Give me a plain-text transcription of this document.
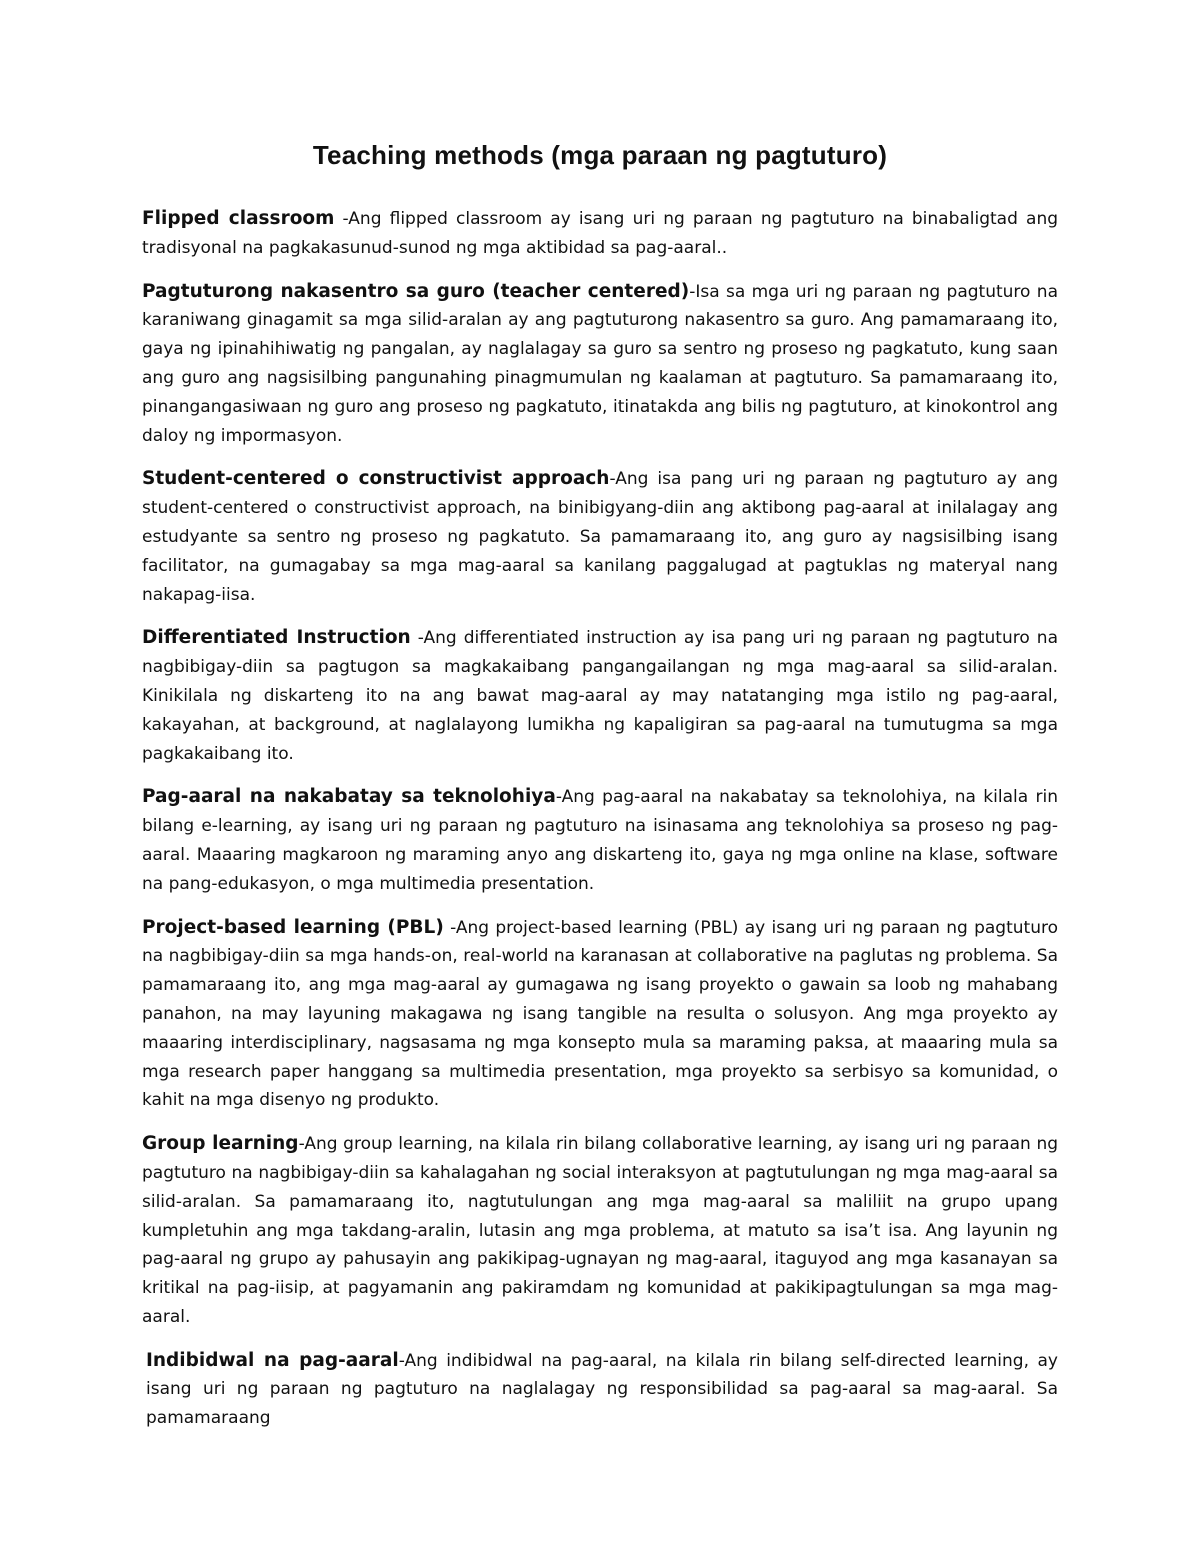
Teaching methods (mga paraan ng pagtuturo)

Flipped classroom -Ang flipped classroom ay isang uri ng paraan ng pagtuturo na binabaligtad ang tradisyonal na pagkakasunud-sunod ng mga aktibidad sa pag-aaral..

Pagtuturong nakasentro sa guro (teacher centered)-Isa sa mga uri ng paraan ng pagtuturo na karaniwang ginagamit sa mga silid-aralan ay ang pagtuturong nakasentro sa guro. Ang pamamaraang ito, gaya ng ipinahihiwatig ng pangalan, ay naglalagay sa guro sa sentro ng proseso ng pagkatuto, kung saan ang guro ang nagsisilbing pangunahing pinagmumulan ng kaalaman at pagtuturo. Sa pamamaraang ito, pinangangasiwaan ng guro ang proseso ng pagkatuto, itinatakda ang bilis ng pagtuturo, at kinokontrol ang daloy ng impormasyon.

Student-centered o constructivist approach-Ang isa pang uri ng paraan ng pagtuturo ay ang student-centered o constructivist approach, na binibigyang-diin ang aktibong pag-aaral at inilalagay ang estudyante sa sentro ng proseso ng pagkatuto. Sa pamamaraang ito, ang guro ay nagsisilbing isang facilitator, na gumagabay sa mga mag-aaral sa kanilang paggalugad at pagtuklas ng materyal nang nakapag-iisa.

Differentiated Instruction -Ang differentiated instruction ay isa pang uri ng paraan ng pagtuturo na nagbibigay-diin sa pagtugon sa magkakaibang pangangailangan ng mga mag-aaral sa silid-aralan. Kinikilala ng diskarteng ito na ang bawat mag-aaral ay may natatanging mga istilo ng pag-aaral, kakayahan, at background, at naglalayong lumikha ng kapaligiran sa pag-aaral na tumutugma sa mga pagkakaibang ito.

Pag-aaral na nakabatay sa teknolohiya-Ang pag-aaral na nakabatay sa teknolohiya, na kilala rin bilang e-learning, ay isang uri ng paraan ng pagtuturo na isinasama ang teknolohiya sa proseso ng pag-aaral. Maaaring magkaroon ng maraming anyo ang diskarteng ito, gaya ng mga online na klase, software na pang-edukasyon, o mga multimedia presentation.

Project-based learning (PBL) -Ang project-based learning (PBL) ay isang uri ng paraan ng pagtuturo na nagbibigay-diin sa mga hands-on, real-world na karanasan at collaborative na paglutas ng problema. Sa pamamaraang ito, ang mga mag-aaral ay gumagawa ng isang proyekto o gawain sa loob ng mahabang panahon, na may layuning makagawa ng isang tangible na resulta o solusyon. Ang mga proyekto ay maaaring interdisciplinary, nagsasama ng mga konsepto mula sa maraming paksa, at maaaring mula sa mga research paper hanggang sa multimedia presentation, mga proyekto sa serbisyo sa komunidad, o kahit na mga disenyo ng produkto.

Group learning-Ang group learning, na kilala rin bilang collaborative learning, ay isang uri ng paraan ng pagtuturo na nagbibigay-diin sa kahalagahan ng social interaksyon at pagtutulungan ng mga mag-aaral sa silid-aralan. Sa pamamaraang ito, nagtutulungan ang mga mag-aaral sa maliliit na grupo upang kumpletuhin ang mga takdang-aralin, lutasin ang mga problema, at matuto sa isa’t isa. Ang layunin ng pag-aaral ng grupo ay pahusayin ang pakikipag-ugnayan ng mag-aaral, itaguyod ang mga kasanayan sa kritikal na pag-iisip, at pagyamanin ang pakiramdam ng komunidad at pakikipagtulungan sa mga mag-aaral.

Indibidwal na pag-aaral-Ang indibidwal na pag-aaral, na kilala rin bilang self-directed learning, ay isang uri ng paraan ng pagtuturo na naglalagay ng responsibilidad sa pag-aaral sa mag-aaral. Sa pamamaraang
